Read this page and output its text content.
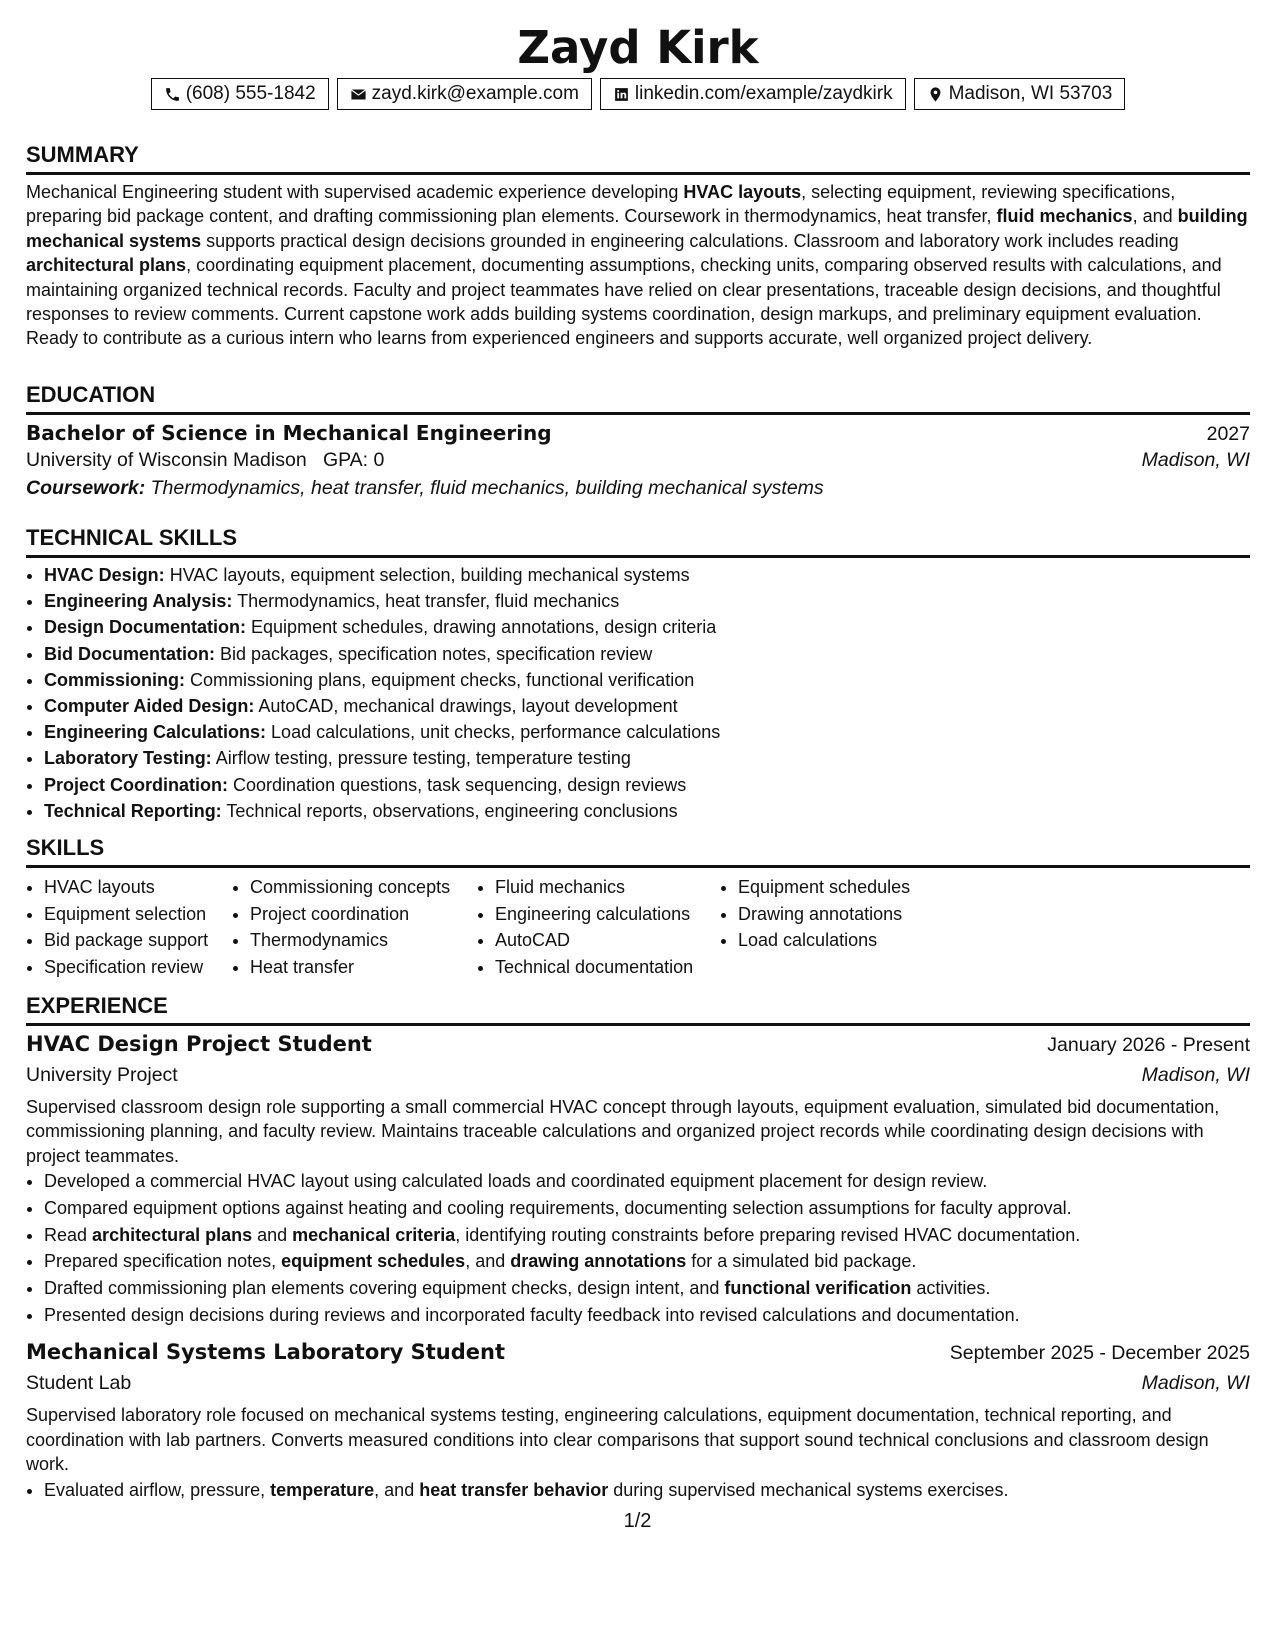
Zayd Kirk
(608) 555-1842	zayd.kirk@example.com	linkedin.com/example/zaydkirk	Madison, WI 53703
SUMMARY

Mechanical Engineering student with supervised academic experience developing HVAC layouts, selecting equipment, reviewing specifications, preparing bid package content, and drafting commissioning plan elements. Coursework in thermodynamics, heat transfer, fluid mechanics, and building mechanical systems supports practical design decisions grounded in engineering calculations. Classroom and laboratory work includes reading architectural plans, coordinating equipment placement, documenting assumptions, checking units, comparing observed results with calculations, and maintaining organized technical records. Faculty and project teammates have relied on clear presentations, traceable design decisions, and thoughtful responses to review comments. Current capstone work adds building systems coordination, design markups, and preliminary equipment evaluation. Ready to contribute as a curious intern who learns from experienced engineers and supports accurate, well organized project delivery.

EDUCATION
Bachelor of Science in Mechanical Engineering	2027
University of Wisconsin Madison GPA: 0	Madison, WI
Coursework: Thermodynamics, heat transfer, fluid mechanics, building mechanical systems
TECHNICAL SKILLS
• HVAC Design: HVAC layouts, equipment selection, building mechanical systems
• Engineering Analysis: Thermodynamics, heat transfer, fluid mechanics
• Design Documentation: Equipment schedules, drawing annotations, design criteria
• Bid Documentation: Bid packages, specification notes, specification review
• Commissioning: Commissioning plans, equipment checks, functional verification
• Computer Aided Design: AutoCAD, mechanical drawings, layout development
• Engineering Calculations: Load calculations, unit checks, performance calculations
• Laboratory Testing: Airflow testing, pressure testing, temperature testing
• Project Coordination: Coordination questions, task sequencing, design reviews
• Technical Reporting: Technical reports, observations, engineering conclusions
SKILLS
• HVAC layouts
• Equipment selection
• Bid package support
• Specification review
• Commissioning concepts
• Project coordination
• Thermodynamics
• Heat transfer
• Fluid mechanics
• Engineering calculations
• AutoCAD
• Technical documentation
• Equipment schedules
• Drawing annotations
• Load calculations
EXPERIENCE
HVAC Design Project Student	January 2026 - Present
University Project	Madison, WI

Supervised classroom design role supporting a small commercial HVAC concept through layouts, equipment evaluation, simulated bid documentation, commissioning planning, and faculty review. Maintains traceable calculations and organized project records while coordinating design decisions with project teammates.

• Developed a commercial HVAC layout using calculated loads and coordinated equipment placement for design review.
• Compared equipment options against heating and cooling requirements, documenting selection assumptions for faculty approval.
• Read architectural plans and mechanical criteria, identifying routing constraints before preparing revised HVAC documentation.
• Prepared specification notes, equipment schedules, and drawing annotations for a simulated bid package.
• Drafted commissioning plan elements covering equipment checks, design intent, and functional verification activities.
• Presented design decisions during reviews and incorporated faculty feedback into revised calculations and documentation.
Mechanical Systems Laboratory Student	September 2025 - December 2025
Student Lab	Madison, WI

Supervised laboratory role focused on mechanical systems testing, engineering calculations, equipment documentation, technical reporting, and coordination with lab partners. Converts measured conditions into clear comparisons that support sound technical conclusions and classroom design work.

• Evaluated airflow, pressure, temperature, and heat transfer behavior during supervised mechanical systems exercises.
1/2
